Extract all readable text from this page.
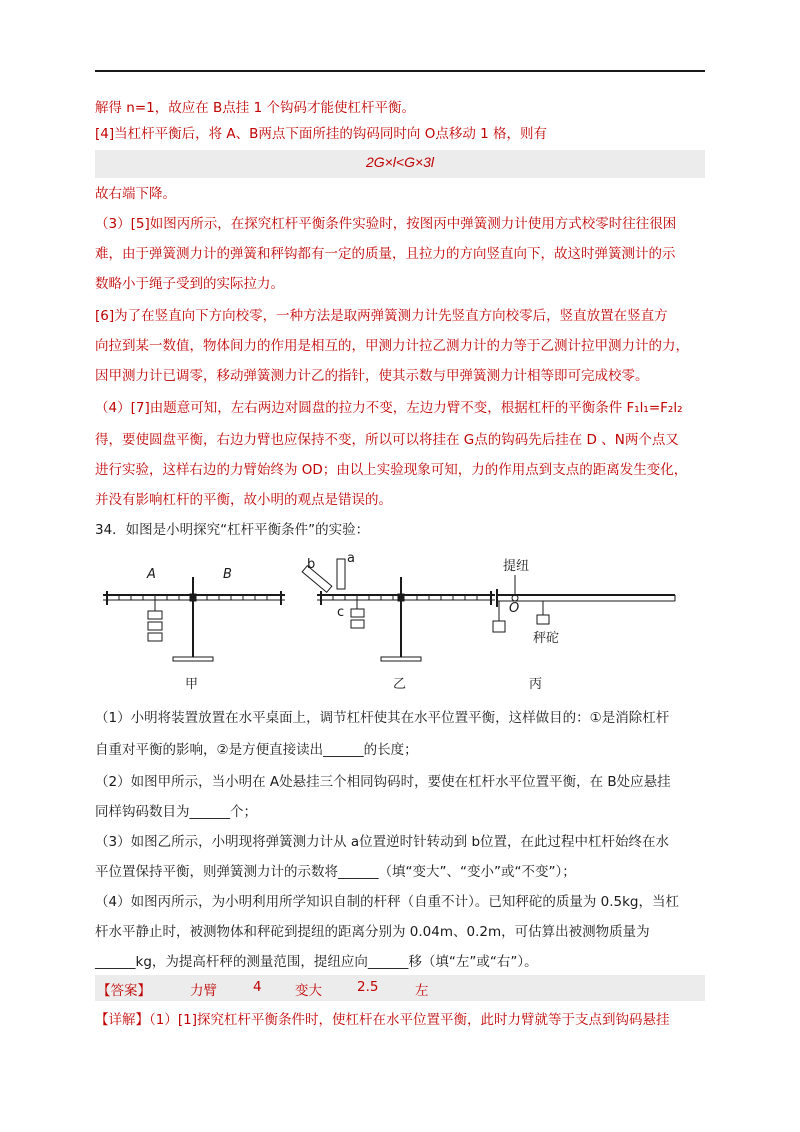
解得 n=1，故应在 B点挂 1 个钩码才能使杠杆平衡。
[4]当杠杆平衡后，将 A、B两点下面所挂的钩码同时向 O点移动 1 格，则有
2G×l<G×3l
故右端下降。
（3）[5]如图丙所示，在探究杠杆平衡条件实验时，按图丙中弹簧测力计使用方式校零时往往很困
难，由于弹簧测力计的弹簧和秤钩都有一定的质量，且拉力的方向竖直向下，故这时弹簧测计的示
数略小于绳子受到的实际拉力。
[6]为了在竖直向下方向校零，一种方法是取两弹簧测力计先竖直方向校零后，竖直放置在竖直方
向拉到某一数值，物体间力的作用是相互的，甲测力计拉乙测力计的力等于乙测计拉甲测力计的力，
因甲测力计已调零，移动弹簧测力计乙的指针，使其示数与甲弹簧测力计相等即可完成校零。
（4）[7]由题意可知，左右两边对圆盘的拉力不变，左边力臂不变，根据杠杆的平衡条件 F₁l₁=F₂l₂
得，要使圆盘平衡，右边力臂也应保持不变，所以可以将挂在 G点的钩码先后挂在 D 、N两个点又
进行实验，这样右边的力臂始终为 OD；由以上实验现象可知，力的作用点到支点的距离发生变化，
并没有影响杠杆的平衡，故小明的观点是错误的。
34．如图是小明探究“杠杆平衡条件”的实验：
A	B
a
b
c
提纽
O
秤砣
甲	乙	丙
（1）小明将装置放置在水平桌面上，调节杠杆使其在水平位置平衡，这样做目的：①是消除杠杆
自重对平衡的影响，②是方便直接读出______的长度；
（2）如图甲所示，当小明在 A处悬挂三个相同钩码时，要使在杠杆水平位置平衡，在 B处应悬挂
同样钩码数目为______个；
（3）如图乙所示，小明现将弹簧测力计从 a位置逆时针转动到 b位置，在此过程中杠杆始终在水
平位置保持平衡，则弹簧测力计的示数将______（填“变大”、“变小”或“不变”）；
（4）如图丙所示，为小明利用所学知识自制的杆秤（自重不计）。已知秤砣的质量为 0.5kg，当杠
杆水平静止时，被测物体和秤砣到提纽的距离分别为 0.04m、0.2m，可估算出被测物质量为
______kg，为提高杆秤的测量范围，提纽应向______移（填“左”或“右”）。
【答案】	力臂	4 变大	2.5	左
【详解】（1）[1]探究杠杆平衡条件时，使杠杆在水平位置平衡，此时力臂就等于支点到钩码悬挂
